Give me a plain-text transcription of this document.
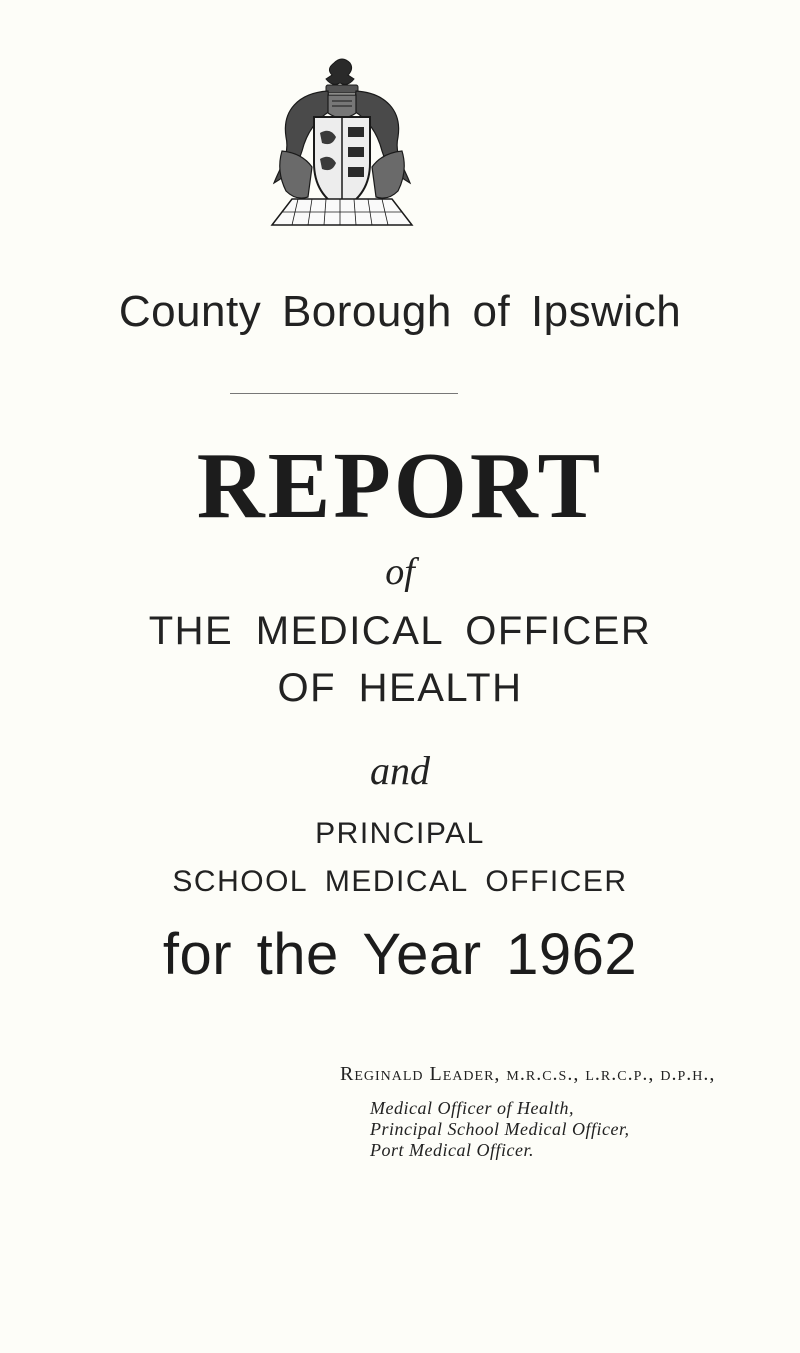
County Borough of Ipswich
REPORT
of
THE MEDICAL OFFICER
OF HEALTH
and
PRINCIPAL
SCHOOL MEDICAL OFFICER
for the Year 1962
Reginald Leader, m.r.c.s., l.r.c.p., d.p.h.,
Medical Officer of Health,
Principal School Medical Officer,
Port Medical Officer.
